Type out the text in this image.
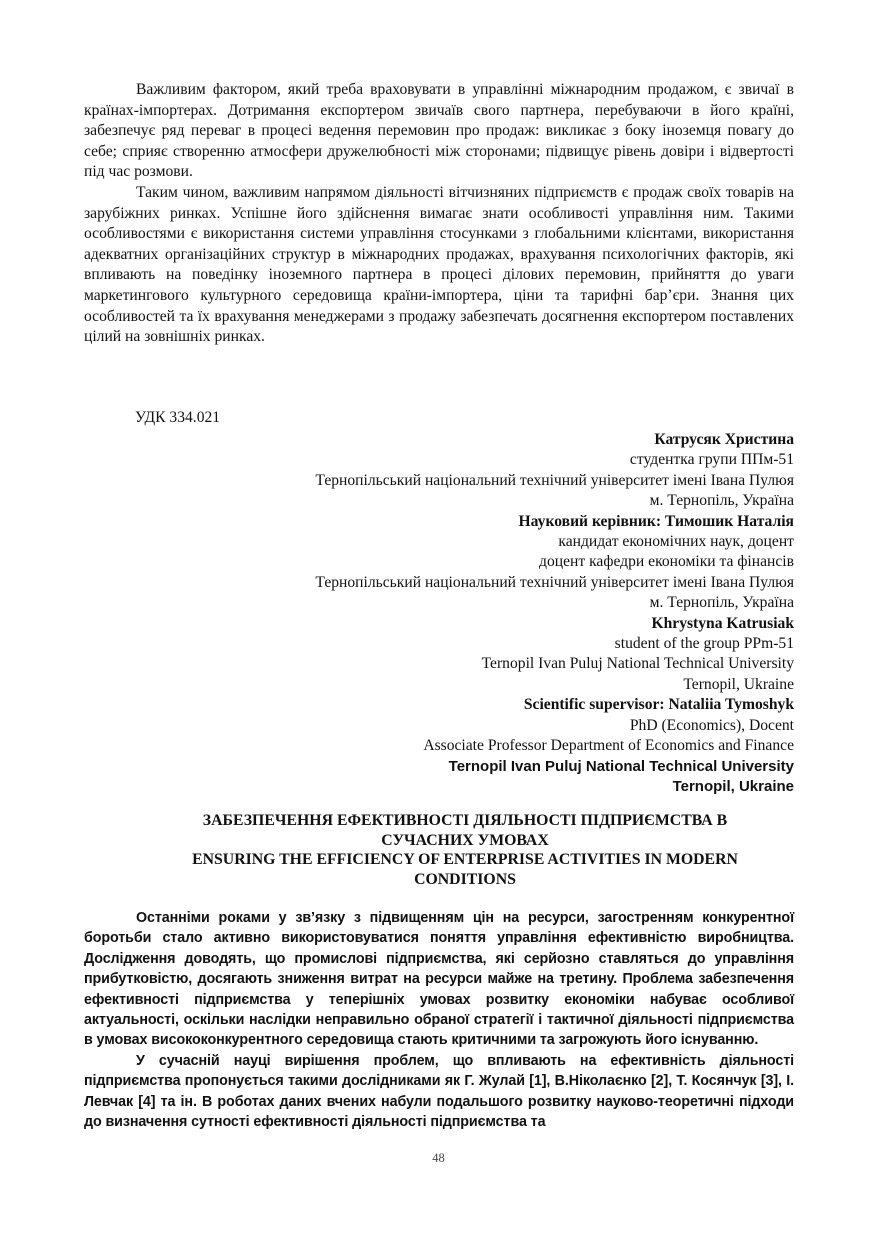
Важливим фактором, який треба враховувати в управлінні міжнародним продажом, є звичаї в країнах-імпортерах. Дотримання експортером звичаїв свого партнера, перебуваючи в його країні, забезпечує ряд переваг в процесі ведення перемовин про продаж: викликає з боку іноземця повагу до себе; сприяє створенню атмосфери дружелюбності між сторонами; підвищує рівень довіри і відвертості під час розмови.

Таким чином, важливим напрямом діяльності вітчизняних підприємств є продаж своїх товарів на зарубіжних ринках. Успішне його здійснення вимагає знати особливості управління ним. Такими особливостями є використання системи управління стосунками з глобальними клієнтами, використання адекватних організаційних структур в міжнародних продажах, врахування психологічних факторів, які впливають на поведінку іноземного партнера в процесі ділових перемовин, прийняття до уваги маркетингового культурного середовища країни-імпортера, ціни та тарифні бар’єри. Знання цих особливостей та їх врахування менеджерами з продажу забезпечать досягнення експортером поставлених цілий на зовнішніх ринках.

УДК 334.021
Катрусяк Христина
студентка групи ППм-51
Тернопільський національний технічний університет імені Івана Пулюя
м. Тернопіль, Україна
Науковий керівник: Тимошик Наталія
кандидат економічних наук, доцент
доцент кафедри економіки та фінансів
Тернопільський національний технічний університет імені Івана Пулюя
м. Тернопіль, Україна
Khrystyna Katrusiak
student of the group PPm-51
Ternopil Ivan Puluj National Technical University
Ternopil, Ukraine
Scientific supervisor: Nataliia Tymoshyk
PhD (Economics), Docent
Associate Professor Department of Economics and Finance
Ternopil Ivan Puluj National Technical University
Ternopil, Ukraine
ЗАБЕЗПЕЧЕННЯ ЕФЕКТИВНОСТІ ДІЯЛЬНОСТІ ПІДПРИЄМСТВА В
СУЧАСНИХ УМОВАХ
ENSURING THE EFFICIENCY OF ENTERPRISE ACTIVITIES IN MODERN
CONDITIONS

Останніми роками у зв’язку з підвищенням цін на ресурси, загостренням конкурентної боротьби стало активно використовуватися поняття управління ефективністю виробництва. Дослідження доводять, що промислові підприємства, які серйозно ставляться до управління прибутковістю, досягають зниження витрат на ресурси майже на третину. Проблема забезпечення ефективності підприємства у теперішніх умовах розвитку економіки набуває особливої актуальності, оскільки наслідки неправильно обраної стратегії і тактичної діяльності підприємства в умовах висококонкурентного середовища стають критичними та загрожують його існуванню.

У сучасній науці вирішення проблем, що впливають на ефективність діяльності підприємства пропонується такими дослідниками як Г. Жулай [1], В.Ніколаєнко [2], Т. Косянчук [3], І. Левчак [4] та ін. В роботах даних вчених набули подальшого розвитку науково-теоретичні підходи до визначення сутності ефективності діяльності підприємства та

48
